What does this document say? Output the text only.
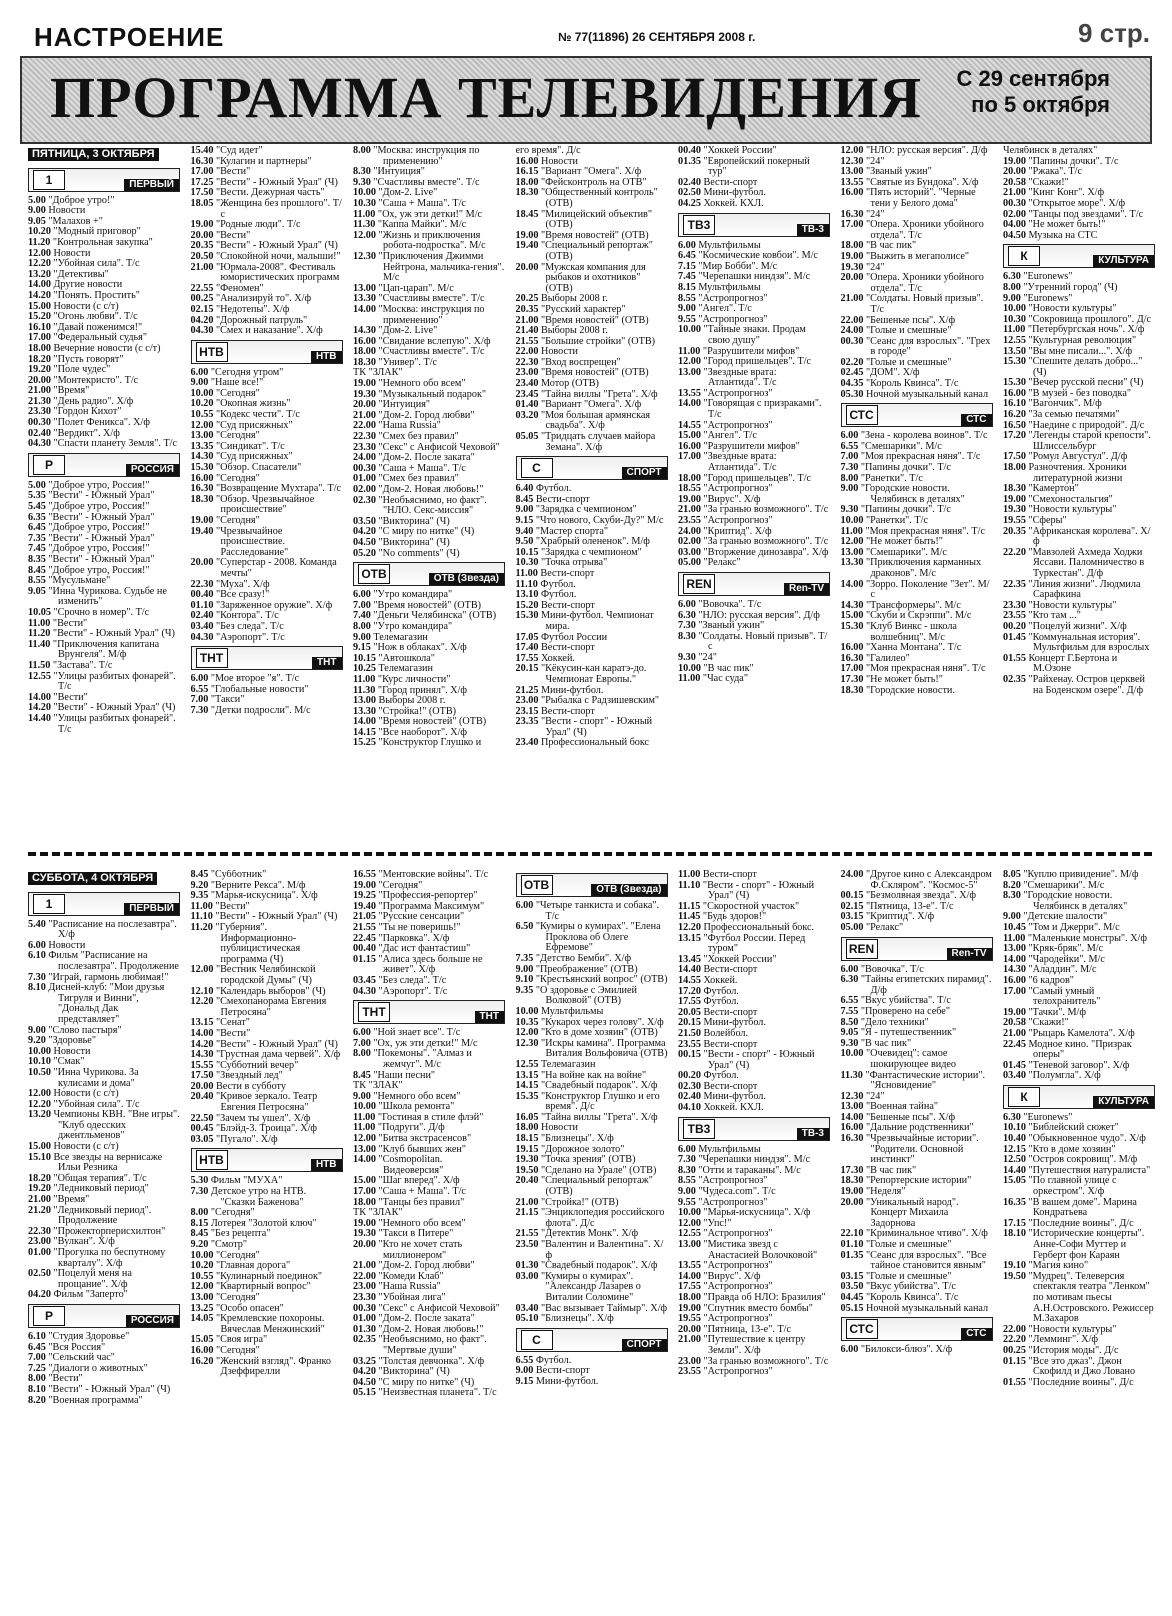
НАСТРОЕНИЕ	№ 77(11896) 26 СЕНТЯБРЯ 2008 г.	9 стр.
ПРОГРАММА ТЕЛЕВИДЕНИЯ С 29 сентября
по 5 октября
ПЯТНИЦА, 3 ОКТЯБРЯ
1	ПЕРВЫЙ

5.00 "Доброе утро!"

9.00 Новости

9.05 "Малахов +"

10.20 "Модный приговор"

11.20 "Контрольная закупка"

12.00 Новости

12.20 "Убойная сила". Т/с

13.20 "Детективы"

14.00 Другие новости

14.20 "Понять. Простить"

15.00 Новости (с с/т)

15.20 "Огонь любви". Т/с

16.10 "Давай поженимся!"

17.00 "Федеральный судья"

18.00 Вечерние новости (с с/т)

18.20 "Пусть говорят"

19.20 "Поле чудес"

20.00 "Монтекристо". Т/с

21.00 "Время"

21.30 "День радио". Х/ф

23.30 "Гордон Кихот"

00.30 "Полет Феникса". Х/ф

02.40 "Вердикт". Х/ф

04.30 "Спасти планету Земля". Т/с

Р	РОССИЯ

5.00 "Доброе утро, Россия!"

5.35 "Вести" - Южный Урал"

5.45 "Доброе утро, Россия!"

6.35 "Вести" - Южный Урал"

6.45 "Доброе утро, Россия!"

7.35 "Вести" - Южный Урал"

7.45 "Доброе утро, Россия!"

8.35 "Вести" - Южный Урал"

8.45 "Доброе утро, Россия!"

8.55 "Мусульмане"

9.05 "Инна Чурикова. Судьбе не изменить"

10.05 "Срочно в номер". Т/с

11.00 "Вести"

11.20 "Вести" - Южный Урал" (Ч)

11.40 "Приключения капитана Врунгеля". М/ф

11.50 "Застава". Т/с

12.55 "Улицы разбитых фонарей". Т/с

14.00 "Вести"

14.20 "Вести" - Южный Урал" (Ч)

14.40 "Улицы разбитых фонарей". Т/с

15.40 "Суд идет"

16.30 "Кулагин и партнеры"

17.00 "Вести"

17.25 "Вести" - Южный Урал" (Ч)

17.50 "Вести. Дежурная часть"

18.05 "Женщина без прошлого". Т/с

19.00 "Родные люди". Т/с

20.00 "Вести"

20.35 "Вести" - Южный Урал" (Ч)

20.50 "Спокойной ночи, малыши!"

21.00 "Юрмала-2008". Фестиваль юмористических программ

22.55 "Феномен"

00.25 "Анализируй то". Х/ф

02.15 "Недотепы". Х/ф

04.20 "Дорожный патруль"

04.30 "Смех и наказание". Х/ф

НТВ	НТВ

6.00 "Сегодня утром"

9.00 "Наше все!"

10.00 "Сегодня"

10.20 "Окопная жизнь"

10.55 "Кодекс чести". Т/с

12.00 "Суд присяжных"

13.00 "Сегодня"

13.35 "Синдикат". Т/с

14.30 "Суд присяжных"

15.30 "Обзор. Спасатели"

16.00 "Сегодня"

16.30 "Возвращение Мухтара". Т/с

18.30 "Обзор. Чрезвычайное происшествие"

19.00 "Сегодня"

19.40 "Чрезвычайное происшествие. Расследование"

20.00 "Суперстар - 2008. Команда мечты"

22.30 "Муха". Х/ф

00.40 "Все сразу!"

01.10 "Заряженное оружие". Х/ф

02.40 "Контора". Т/с

03.40 "Без следа". Т/с

04.30 "Аэропорт". Т/с

ТНТ	ТНТ

6.00 "Мое второе "я". Т/с

6.55 "Глобальные новости"

7.00 "Такси"

7.30 "Детки подросли". М/с

8.00 "Москва: инструкция по применению"

8.30 "Интуиция"

9.30 "Счастливы вместе". Т/с

10.00 "Дом-2. Live"

10.30 "Саша + Маша". Т/с

11.00 "Ох, уж эти детки!" М/с

11.30 "Каппа Майки". М/с

12.00 "Жизнь и приключения робота-подростка". М/с

12.30 "Приключения Джимми Нейтрона, мальчика-гения". М/с

13.00 "Цап-царап". М/с

13.30 "Счастливы вместе". Т/с

14.00 "Москва: инструкция по применению"

14.30 "Дом-2. Live"

16.00 "Свидание вслепую". Х/ф

18.00 "Счастливы вместе". Т/с

18.30 "Универ". Т/с

ТК "ЗЛАК"

19.00 "Немного обо всем"

19.30 "Музыкальный подарок"

20.00 "Интуиция"

21.00 "Дом-2. Город любви"

22.00 "Наша Russia"

22.30 "Смех без правил"

23.30 "Секс" с Анфисой Чеховой"

24.00 "Дом-2. После заката"

00.30 "Саша + Маша". Т/с

01.00 "Смех без правил"

02.00 "Дом-2. Новая любовь!"

02.30 "Необъяснимо, но факт". "НЛО. Секс-миссия"

03.50 "Викторина" (Ч)

04.20 "С миру по нитке" (Ч)

04.50 "Викторина" (Ч)

05.20 "No comments" (Ч)

ОТВ	ОТВ (Звезда)

6.00 "Утро командира"

7.00 "Время новостей" (ОТВ)

7.40 "Деньги Челябинска" (ОТВ)

8.00 "Утро командира"

9.00 Телемагазин

9.15 "Нож в облаках". Х/ф

10.15 "Автошкола"

10.25 Телемагазин

11.00 "Курс личности"

11.30 "Город принял". Х/ф

13.00 Выборы 2008 г.

13.30 "Стройка!" (ОТВ)

14.00 "Время новостей" (ОТВ)

14.15 "Все наоборот". Х/ф

15.25 "Конструктор Глушко и

его время". Д/с

16.00 Новости

16.15 "Вариант "Омега". Х/ф

18.00 "Фейсконтроль на ОТВ"

18.30 "Общественный контроль" (ОТВ)

18.45 "Милицейский объектив" (ОТВ)

19.00 "Время новостей" (ОТВ)

19.40 "Специальный репортаж" (ОТВ)

20.00 "Мужская компания для рыбаков и охотников" (ОТВ)

20.25 Выборы 2008 г.

20.35 "Русский характер"

21.00 "Время новостей" (ОТВ)

21.40 Выборы 2008 г.

21.55 "Большие стройки" (ОТВ)

22.00 Новости

22.30 "Вход воспрещен"

23.00 "Время новостей" (ОТВ)

23.40 Мотор (ОТВ)

23.45 "Тайна виллы "Грета". Х/ф

01.40 "Вариант "Омега". Х/ф

03.20 "Моя большая армянская свадьба". Х/ф

05.05 "Тридцать случаев майора Земана". Х/ф

С	СПОРТ

6.40 Футбол.

8.45 Вести-спорт

9.00 "Зарядка с чемпионом"

9.15 "Что нового, Скуби-Ду?" М/с

9.40 "Мастер спорта"

9.50 "Храбрый олененок". М/ф

10.15 "Зарядка с чемпионом"

10.30 "Точка отрыва"

11.00 Вести-спорт

11.10 Футбол.

13.10 Футбол.

15.20 Вести-спорт

15.30 Мини-футбол. Чемпионат мира.

17.05 Футбол России

17.40 Вести-спорт

17.55 Хоккей.

20.15 "Кёкусин-кан каратэ-до. Чемпионат Европы."

21.25 Мини-футбол.

23.00 "Рыбалка с Радзишевским"

23.15 Вести-спорт

23.35 "Вести - спорт" - Южный Урал" (Ч)

23.40 Профессиональный бокс

00.40 "Хоккей России"

01.35 "Европейский покерный тур"

02.40 Вести-спорт

02.50 Мини-футбол.

04.25 Хоккей. КХЛ.

ТВ3	ТВ-3

6.00 Мультфильмы

6.45 "Космические ковбои". М/с

7.15 "Мир Бобби". М/с

7.45 "Черепашки ниндзя". М/с

8.15 Мультфильмы

8.55 "Астропрогноз"

9.00 "Ангел". Т/с

9.55 "Астропрогноз"

10.00 "Тайные знаки. Продам свою душу"

11.00 "Разрушители мифов"

12.00 "Город пришельцев". Т/с

13.00 "Звездные врата: Атлантида". Т/с

13.55 "Астропрогноз"

14.00 "Говорящая с призраками". Т/с

14.55 "Астропрогноз"

15.00 "Ангел". Т/с

16.00 "Разрушители мифов"

17.00 "Звездные врата: Атлантида". Т/с

18.00 "Город пришельцев". Т/с

18.55 "Астропрогноз"

19.00 "Вирус". Х/ф

21.00 "За гранью возможного". Т/с

23.55 "Астропрогноз"

24.00 "Криптид". Х/ф

02.00 "За гранью возможного". Т/с

03.00 "Вторжение динозавра". Х/ф

05.00 "Релакс"

REN	Ren-TV

6.00 "Вовочка". Т/с

6.30 "НЛО: русская версия". Д/ф

7.30 "Званый ужин"

8.30 "Солдаты. Новый призыв". Т/с

9.30 "24"

10.00 "В час пик"

11.00 "Час суда"

12.00 "НЛО: русская версия". Д/ф

12.30 "24"

13.00 "Званый ужин"

13.55 "Святые из Бундока". Х/ф

16.00 "Пять историй". "Черные тени у Белого дома"

16.30 "24"

17.00 "Опера. Хроники убойного отдела". Т/с

18.00 "В час пик"

19.00 "Выжить в мегаполисе"

19.30 "24"

20.00 "Опера. Хроники убойного отдела". Т/с

21.00 "Солдаты. Новый призыв". Т/с

22.00 "Бешеные псы". Х/ф

24.00 "Голые и смешные"

00.30 "Сеанс для взрослых". "Грех в городе"

02.20 "Голые и смешные"

02.45 "ДОМ". Х/ф

04.35 "Король Квинса". Т/с

05.30 Ночной музыкальный канал

СТС	СТС

6.00 "Зена - королева воинов". Т/с

6.55 "Смешарики". М/с

7.00 "Моя прекрасная няня". Т/с

7.30 "Папины дочки". Т/с

8.00 "Ранетки". Т/с

9.00 "Городские новости. Челябинск в деталях"

9.30 "Папины дочки". Т/с

10.00 "Ранетки". Т/с

11.00 "Моя прекрасная няня". Т/с

12.00 "Не может быть!"

13.00 "Смешарики". М/с

13.30 "Приключения карманных драконов". М/с

14.00 "Зорро. Поколение "Зет". М/с

14.30 "Трансформеры". М/с

15.00 "Скуби и Скрэппи". М/с

15.30 "Клуб Винкс - школа волшебниц". М/с

16.00 "Ханна Монтана". Т/с

16.30 "Галилео"

17.00 "Моя прекрасная няня". Т/с

17.30 "Не может быть!"

18.30 "Городские новости.

Челябинск в деталях"

19.00 "Папины дочки". Т/с

20.00 "Ржака". Т/с

20.58 "Скажи!"

21.00 "Кинг Конг". Х/ф

00.30 "Открытое море". Х/ф

02.00 "Танцы под звездами". Т/с

04.00 "Не может быть!"

04.50 Музыка на СТС

К	КУЛЬТУРА

6.30 "Euronews"

8.00 "Утренний город" (Ч)

9.00 "Euronews"

10.00 "Новости культуры"

10.30 "Сокровища прошлого". Д/с

11.00 "Петербургская ночь". Х/ф

12.55 "Культурная революция"

13.50 "Вы мне писали...". Х/ф

15.30 "Спешите делать добро..." (Ч)

15.30 "Вечер русской песни" (Ч)

16.00 "В музей - без поводка"

16.10 "Вагончик". М/ф

16.20 "За семью печатями"

16.50 "Наедине с природой". Д/с

17.20 "Легенды старой крепости". Шлиссельбург

17.50 "Ромул Августул". Д/ф

18.00 Разночтения. Хроники литературной жизни

18.30 "Камертон"

19.00 "Смехоностальгия"

19.30 "Новости культуры"

19.55 "Сферы"

20.35 "Африканская королева". Х/ф

22.20 "Мавзолей Ахмеда Ходжи Яссави. Паломничество в Туркестан". Д/ф

22.35 "Линия жизни". Людмила Сарафкина

23.30 "Новости культуры"

23.55 "Кто там ..."

00.20 "Поцелуй жизни". Х/ф

01.45 "Коммунальная история". Мультфильм для взрослых

01.55 Концерт Г.Бертона и М.Озоне

02.35 "Райхенау. Остров церквей на Боденском озере". Д/ф

СУББОТА, 4 ОКТЯБРЯ
1	ПЕРВЫЙ

5.40 "Расписание на послезавтра". Х/ф

6.00 Новости

6.10 Фильм "Расписание на послезавтра". Продолжение

7.30 "Играй, гармонь любимая!"

8.10 Дисней-клуб: "Мои друзья Тигруля и Винни", "Дональд Дак представляет"

9.00 "Слово пастыря"

9.20 "Здоровье"

10.00 Новости

10.10 "Смак"

10.50 "Инна Чурикова. За кулисами и дома"

12.00 Новости (с с/т)

12.20 "Убойная сила". Т/с

13.20 Чемпионы КВН. "Вне игры". "Клуб одесских джентльменов"

15.00 Новости (с с/т)

15.10 Все звезды на вернисаже Ильи Резника

18.20 "Общая терапия". Т/с

19.20 "Ледниковый период"

21.00 "Время"

21.20 "Ледниковый период". Продолжение

22.30 "Прожекторперисхилтон"

23.00 "Вулкан". Х/ф

01.00 "Прогулка по беспутному кварталу". Х/ф

02.50 "Поцелуй меня на прощание". Х/ф

04.20 Фильм "Заперто"

Р	РОССИЯ

6.10 "Студия Здоровье"

6.45 "Вся Россия"

7.00 "Сельский час"

7.25 "Диалоги о животных"

8.00 "Вести"

8.10 "Вести" - Южный Урал" (Ч)

8.20 "Военная программа"

8.45 "Субботник"

9.20 "Верните Рекса". М/ф

9.35 "Марья-искусница". Х/ф

11.00 "Вести"

11.10 "Вести" - Южный Урал" (Ч)

11.20 "Губерния". Информационно-публицистическая программа (Ч)

12.00 "Вестник Челябинской городской Думы" (Ч)

12.10 "Календарь выборов" (Ч)

12.20 "Смехопанорама Евгения Петросяна"

13.15 "Сенат"

14.00 "Вести"

14.20 "Вести" - Южный Урал" (Ч)

14.30 "Грустная дама червей". Х/ф

15.55 "Субботний вечер"

17.50 "Звездный лед"

20.00 Вести в субботу

20.40 "Кривое зеркало. Театр Евгения Петросяна"

22.50 "Зачем ты ушел". Х/ф

00.45 "Блэйд-3. Троица". Х/ф

03.05 "Пугало". Х/ф

НТВ	НТВ

5.30 Фильм "МУХА"

7.30 Детское утро на НТВ. "Сказки Баженова"

8.00 "Сегодня"

8.15 Лотерея "Золотой ключ"

8.45 "Без рецепта"

9.20 "Смотр"

10.00 "Сегодня"

10.20 "Главная дорога"

10.55 "Кулинарный поединок"

12.00 "Квартирный вопрос"

13.00 "Сегодня"

13.25 "Особо опасен"

14.05 "Кремлевские похороны. Вячеслав Менжинский"

15.05 "Своя игра"

16.00 "Сегодня"

16.20 "Женский взгляд". Франко Дзеффирелли

16.55 "Ментовские войны". Т/с

19.00 "Сегодня"

19.25 "Профессия-репортер"

19.40 "Программа Максимум"

21.05 "Русские сенсации"

21.55 "Ты не поверишь!"

22.45 "Парковка". Х/ф

00.40 "Дас ист фантастиш"

01.15 "Алиса здесь больше не живет". Х/ф

03.45 "Без следа". Т/с

04.30 "Аэропорт". Т/с

ТНТ	ТНТ

6.00 "Ной знает все". Т/с

7.00 "Ох, уж эти детки!" М/с

8.00 "Покемоны". "Алмаз и жемчуг". М/с

8.45 "Наши песни"

ТК "ЗЛАК"

9.00 "Немного обо всем"

10.00 "Школа ремонта"

11.00 "Гостиная в стиле флэй"

11.00 "Подруги". Д/ф

12.00 "Битва экстрасенсов"

13.00 "Клуб бывших жен"

14.00 "Cosmopolitan. Видеоверсия"

15.00 "Шаг вперед". Х/ф

17.00 "Саша + Маша". Т/с

18.00 "Танцы без правил"

ТК "ЗЛАК"

19.00 "Немного обо всем"

19.30 "Такси в Питере"

20.00 "Кто не хочет стать миллионером"

21.00 "Дом-2. Город любви"

22.00 "Комеди Клаб"

23.00 "Наша Russia"

23.30 "Убойная лига"

00.30 "Секс" с Анфисой Чеховой"

01.00 "Дом-2. После заката"

01.30 "Дом-2. Новая любовь!"

02.35 "Необъяснимо, но факт". "Мертвые души"

03.25 "Толстая девчонка". Х/ф

04.20 "Викторина" (Ч)

04.50 "С миру по нитке" (Ч)

05.15 "Неизвестная планета". Т/с

ОТВ	ОТВ (Звезда)

6.00 "Четыре танкиста и собака". Т/с

6.50 "Кумиры о кумирах". "Елена Проклова об Олеге Ефремове"

7.35 "Детство Бемби". Х/ф

9.00 "Преображение" (ОТВ)

9.10 "Крестьянский вопрос" (ОТВ)

9.35 "О здоровье с Эмилией Волковой" (ОТВ)

10.00 Мультфильмы

10.35 "Кукарох через голову". Х/ф

12.00 "Кто в доме хозяин" (ОТВ)

12.30 "Искры камина". Программа Виталия Вольфовича (ОТВ)

12.55 Телемагазин

13.15 "На войне как на войне"

14.15 "Свадебный подарок". Х/ф

15.35 "Конструктор Глушко и его время". Д/с

16.05 "Тайна виллы "Грета". Х/ф

18.00 Новости

18.15 "Близнецы". Х/ф

19.15 "Дорожное золото"

19.30 "Точка зрения" (ОТВ)

19.50 "Сделано на Урале" (ОТВ)

20.40 "Специальный репортаж" (ОТВ)

21.00 "Стройка!" (ОТВ)

21.15 "Энциклопедия российского флота". Д/с

21.55 "Детектив Монк". Х/ф

23.50 "Валентин и Валентина". Х/ф

01.30 "Свадебный подарок". Х/ф

03.00 "Кумиры о кумирах". "Александр Лазарев о Виталии Соломине"

03.40 "Вас вызывает Таймыр". Х/ф

05.10 "Близнецы". Х/ф

С	СПОРТ

6.55 Футбол.

9.00 Вести-спорт

9.15 Мини-футбол.

11.00 Вести-спорт

11.10 "Вести - спорт" - Южный Урал" (Ч)

11.15 "Скоростной участок"

11.45 "Будь здоров!"

12.20 Профессиональный бокс.

13.15 "Футбол России. Перед туром"

13.45 "Хоккей России"

14.40 Вести-спорт

14.55 Хоккей.

17.20 Футбол.

17.55 Футбол.

20.05 Вести-спорт

20.15 Мини-футбол.

21.50 Волейбол.

23.55 Вести-спорт

00.15 "Вести - спорт" - Южный Урал" (Ч)

00.20 Футбол.

02.30 Вести-спорт

02.40 Мини-футбол.

04.10 Хоккей. КХЛ.

ТВ3	ТВ-3

6.00 Мультфильмы

7.30 "Черепашки ниндзя". М/с

8.30 "Отти и тараканы". М/с

8.55 "Астропрогноз"

9.00 "Чудеса.com". Т/с

9.55 "Астропрогноз"

10.00 "Марья-искусница". Х/ф

12.00 "Упс!"

12.55 "Астропрогноз"

13.00 "Мистика звезд с Анастасией Волочковой"

13.55 "Астропрогноз"

14.00 "Вирус". Х/ф

17.55 "Астропрогноз"

18.00 "Правда об НЛО: Бразилия"

19.00 "Спутник вместо бомбы"

19.55 "Астропрогноз"

20.00 "Пятница, 13-е". Т/с

21.00 "Путешествие к центру Земли". Х/ф

23.00 "За гранью возможного". Т/с

23.55 "Астропрогноз"

24.00 "Другое кино с Александром Ф.Скляром". "Космос-5"

00.15 "Безмолвная звезда". Х/ф

02.15 "Пятница, 13-е". Т/с

03.15 "Криптид". Х/ф

05.00 "Релакс"

REN	Ren-TV

6.00 "Вовочка". Т/с

6.30 "Тайны египетских пирамид". Д/ф

6.55 "Вкус убийства". Т/с

7.55 "Проверено на себе"

8.50 "Дело техники"

9.05 "Я - путешественник"

9.30 "В час пик"

10.00 "Очевидец": самое шокирующее видео

11.30 "Фантастические истории". "Ясновидение"

12.30 "24"

13.00 "Военная тайна"

14.00 "Бешеные псы". Х/ф

16.00 "Дальние родственники"

16.30 "Чрезвычайные истории". "Родители. Основной инстинкт"

17.30 "В час пик"

18.30 "Репортерские истории"

19.00 "Неделя"

20.00 "Уникальный народ". Концерт Михаила Задорнова

22.10 "Криминальное чтиво". Х/ф

01.10 "Голые и смешные"

01.35 "Сеанс для взрослых". "Все тайное становится явным"

03.15 "Голые и смешные"

03.50 "Вкус убийства". Т/с

04.45 "Король Квинса". Т/с

05.15 Ночной музыкальный канал

СТС	СТС

6.00 "Билокси-блюз". Х/ф

8.05 "Куплю привидение". М/ф

8.20 "Смешарики". М/с

8.30 "Городские новости. Челябинск в деталях"

9.00 "Детские шалости"

10.45 "Том и Джерри". М/с

11.00 "Маленькие монстры". Х/ф

13.00 "Кряк-бряк". М/с

14.00 "Чародейки". М/с

14.30 "Аладдин". М/с

16.00 "6 кадров"

17.00 "Самый умный телохранитель"

19.00 "Тачки". М/ф

20.58 "Скажи!"

21.00 "Рыцарь Камелота". Х/ф

22.45 Модное кино. "Призрак оперы"

01.45 "Теневой заговор". Х/ф

03.40 "Полумгла". Х/ф

К	КУЛЬТУРА

6.30 "Euronews"

10.10 "Библейский сюжет"

10.40 "Обыкновенное чудо". Х/ф

12.15 "Кто в доме хозяин"

12.50 "Остров сокровищ". М/ф

14.40 "Путешествия натуралиста"

15.05 "По главной улице с оркестром". Х/ф

16.35 "В вашем доме". Марина Кондратьева

17.15 "Последние воины". Д/с

18.10 "Исторические концерты". Анне-Софи Муттер и Герберт фон Караян

19.10 "Магия кино"

19.50 "Мудрец". Телеверсия спектакля театра "Ленком" по мотивам пьесы А.Н.Островского. Режиссер М.Захаров

22.00 "Новости культуры"

22.20 "Лемминг". Х/ф

00.25 "История моды". Д/с

01.15 "Все это джаз". Джон Скофилд и Джо Ловано

01.55 "Последние воины". Д/с
